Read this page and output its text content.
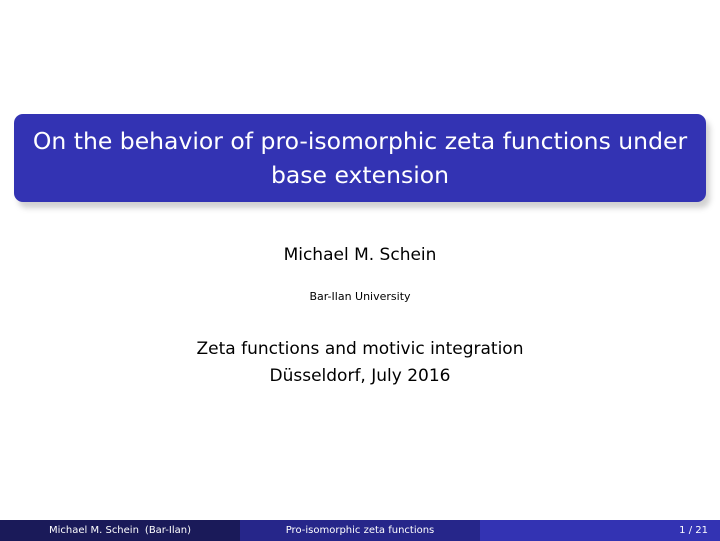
On the behavior of pro-isomorphic zeta functions under
base extension
Michael M. Schein
Bar-Ilan University
Zeta functions and motivic integration
Düsseldorf, July 2016
Michael M. Schein (Bar-Ilan)	Pro-isomorphic zeta functions	1 / 21
